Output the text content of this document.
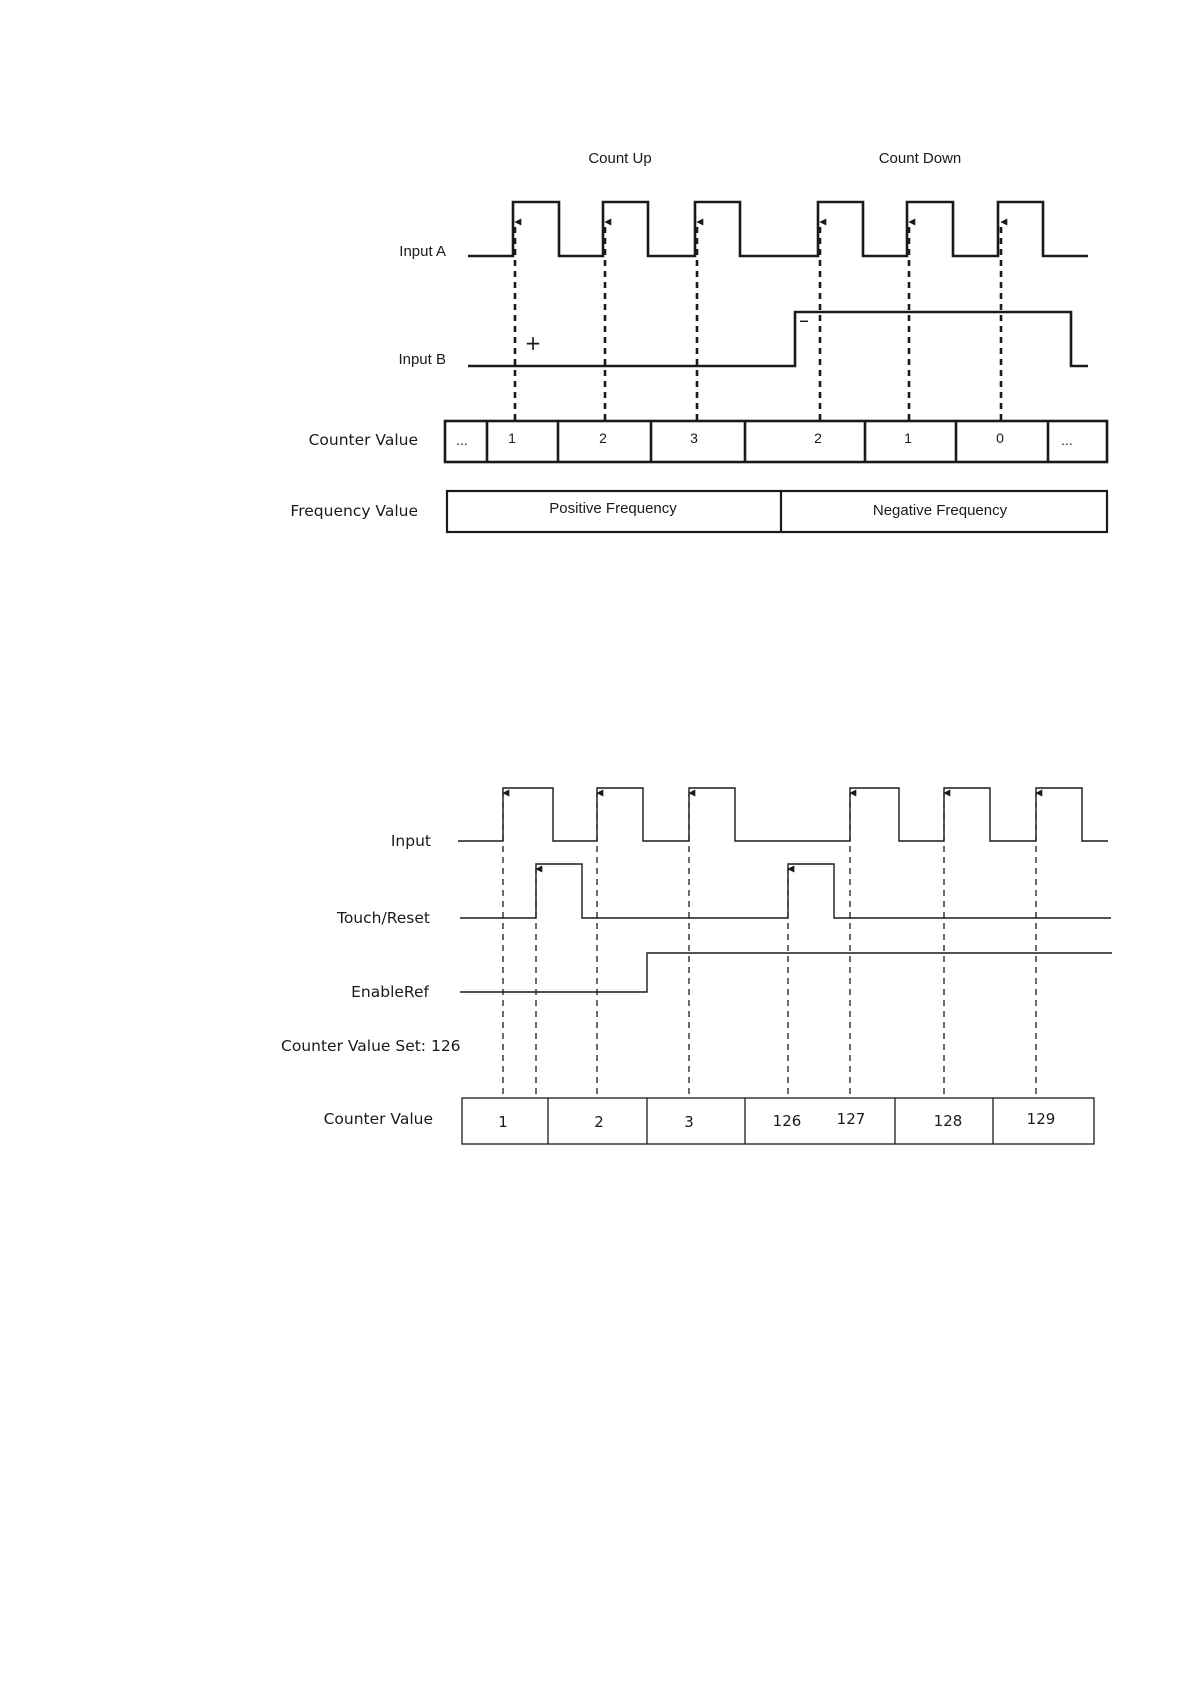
Count Up	Count Down
Input A
Input B
+
–
Counter Value
Frequency Value
...	1	2	3	2	1	0	...
Positive Frequency	Negative Frequency
Input
Touch/Reset
EnableRef
Counter Value Set: 126
Counter Value	1	2	3	126 127	128	129
